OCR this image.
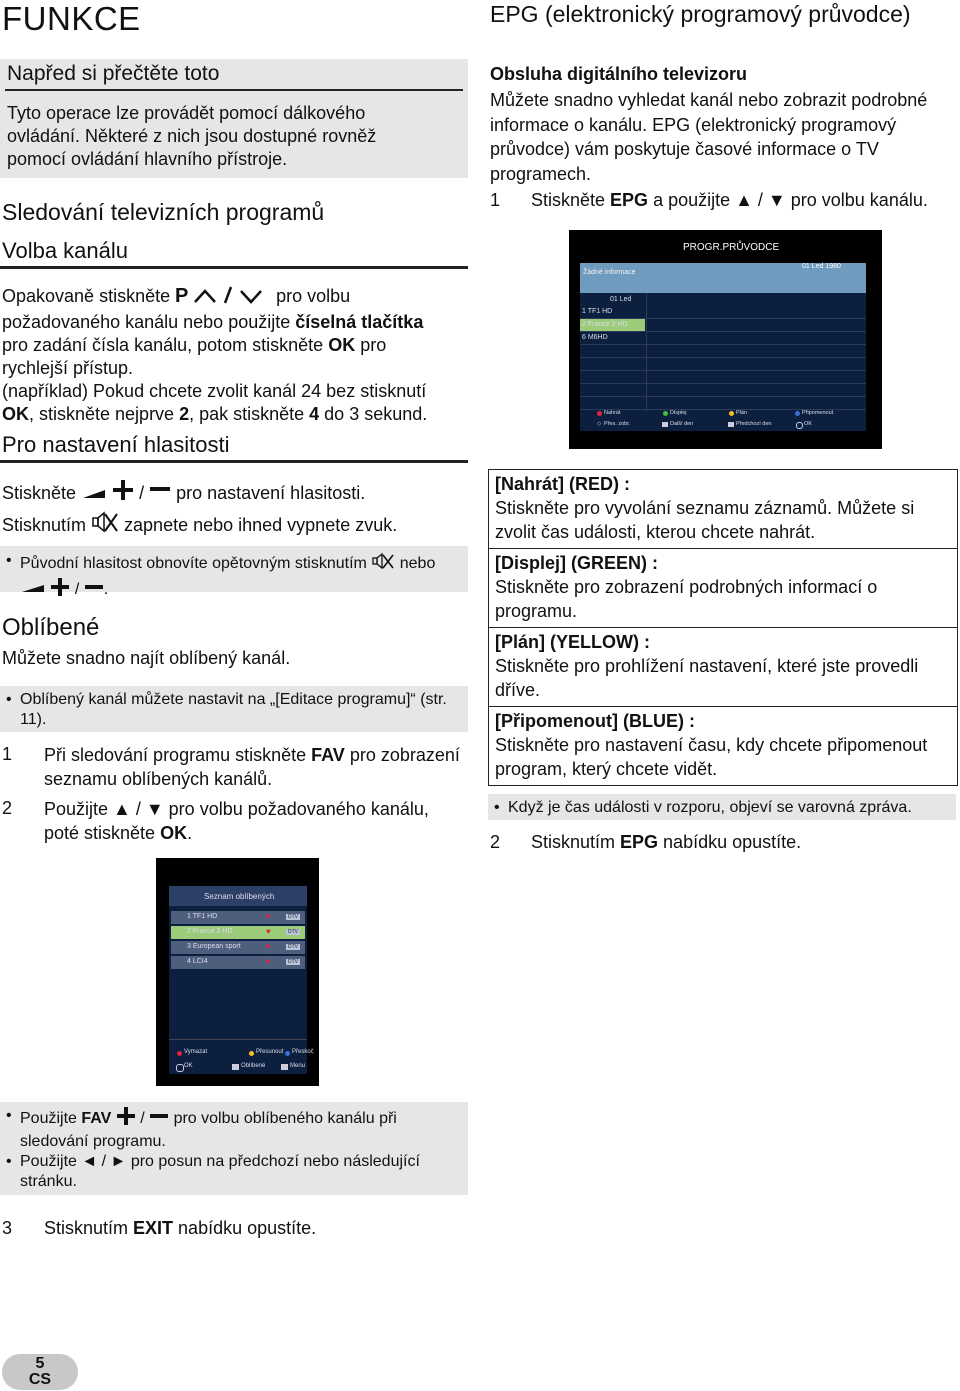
FUNKCE
Napřed si přečtěte toto
Tyto operace lze provádět pomocí dálkového ovládání. Některé z nich jsou dostupné rovněž pomocí ovládání hlavního přístroje.
Sledování televizních programů
Volba kanálu
Opakovaně stiskněte P	pro volbu
požadovaného kanálu nebo použijte číselná tlačítka
pro zadání čísla kanálu, potom stiskněte OK pro
rychlejší přístup.
(například) Pokud chcete zvolit kanál 24 bez stisknutí
OK, stiskněte nejprve 2, pak stiskněte 4 do 3 sekund.
Pro nastavení hlasitosti
Stiskněte	/  pro nastavení hlasitosti.
Stisknutím  zapnete nebo ihned vypnete zvuk.
• Původní hlasitost obnovíte opětovným stisknutím  nebo
/ .
Oblíbené
Můžete snadno najít oblíbený kanál.
• Oblíbený kanál můžete nastavit na „[Editace programu]“ (str. 11).
1 Při sledování programu stiskněte FAV pro zobrazení seznamu oblíbených kanálů.
2 Použijte ▲ / ▼ pro volbu požadovaného kanálu, poté stiskněte OK.
Seznam oblíbených
1 TF1 HD	♥	DTV
2 France 2 HD	♥	DTV
3 European sport	♥	DTV
4 LCI4	♥	DTV
Vymazat	Přesunout Přeskoč
OK	Oblíbené	Menu
• Použijte FAV /  pro volbu oblíbeného kanálu při sledování programu.
• Použijte ◄ / ► pro posun na předchozí nebo následující stránku.
3 Stisknutím EXIT nabídku opustíte.
EPG (elektronický programový průvodce)
Obsluha digitálního televizoru
Můžete snadno vyhledat kanál nebo zobrazit podrobné informace o kanálu. EPG (elektronický programový průvodce) vám poskytuje časové informace o TV programech.
1 Stiskněte EPG a použijte ▲ / ▼ pro volbu kanálu.
PROGR.PRŮVODCE
Žádné informace
01 Led 1980
01 Led
1 TF1 HD
2 France 2 HD
6 M6HD
Nahrát	Displej	Plán	Připomenout
◇ Přes. zobr.	Další den	Předchozí den	OK
[Nahrát] (RED) :
Stiskněte pro vyvolání seznamu záznamů. Můžete si zvolit čas události, kterou chcete nahrát.
[Displej] (GREEN) :
Stiskněte pro zobrazení podrobných informací o programu.
[Plán] (YELLOW) :
Stiskněte pro prohlížení nastavení, které jste provedli dříve.
[Připomenout] (BLUE) :
Stiskněte pro nastavení času, kdy chcete připomenout program, který chcete vidět.
• Když je čas události v rozporu, objeví se varovná zpráva.
2 Stisknutím EPG nabídku opustíte.
5
CS
